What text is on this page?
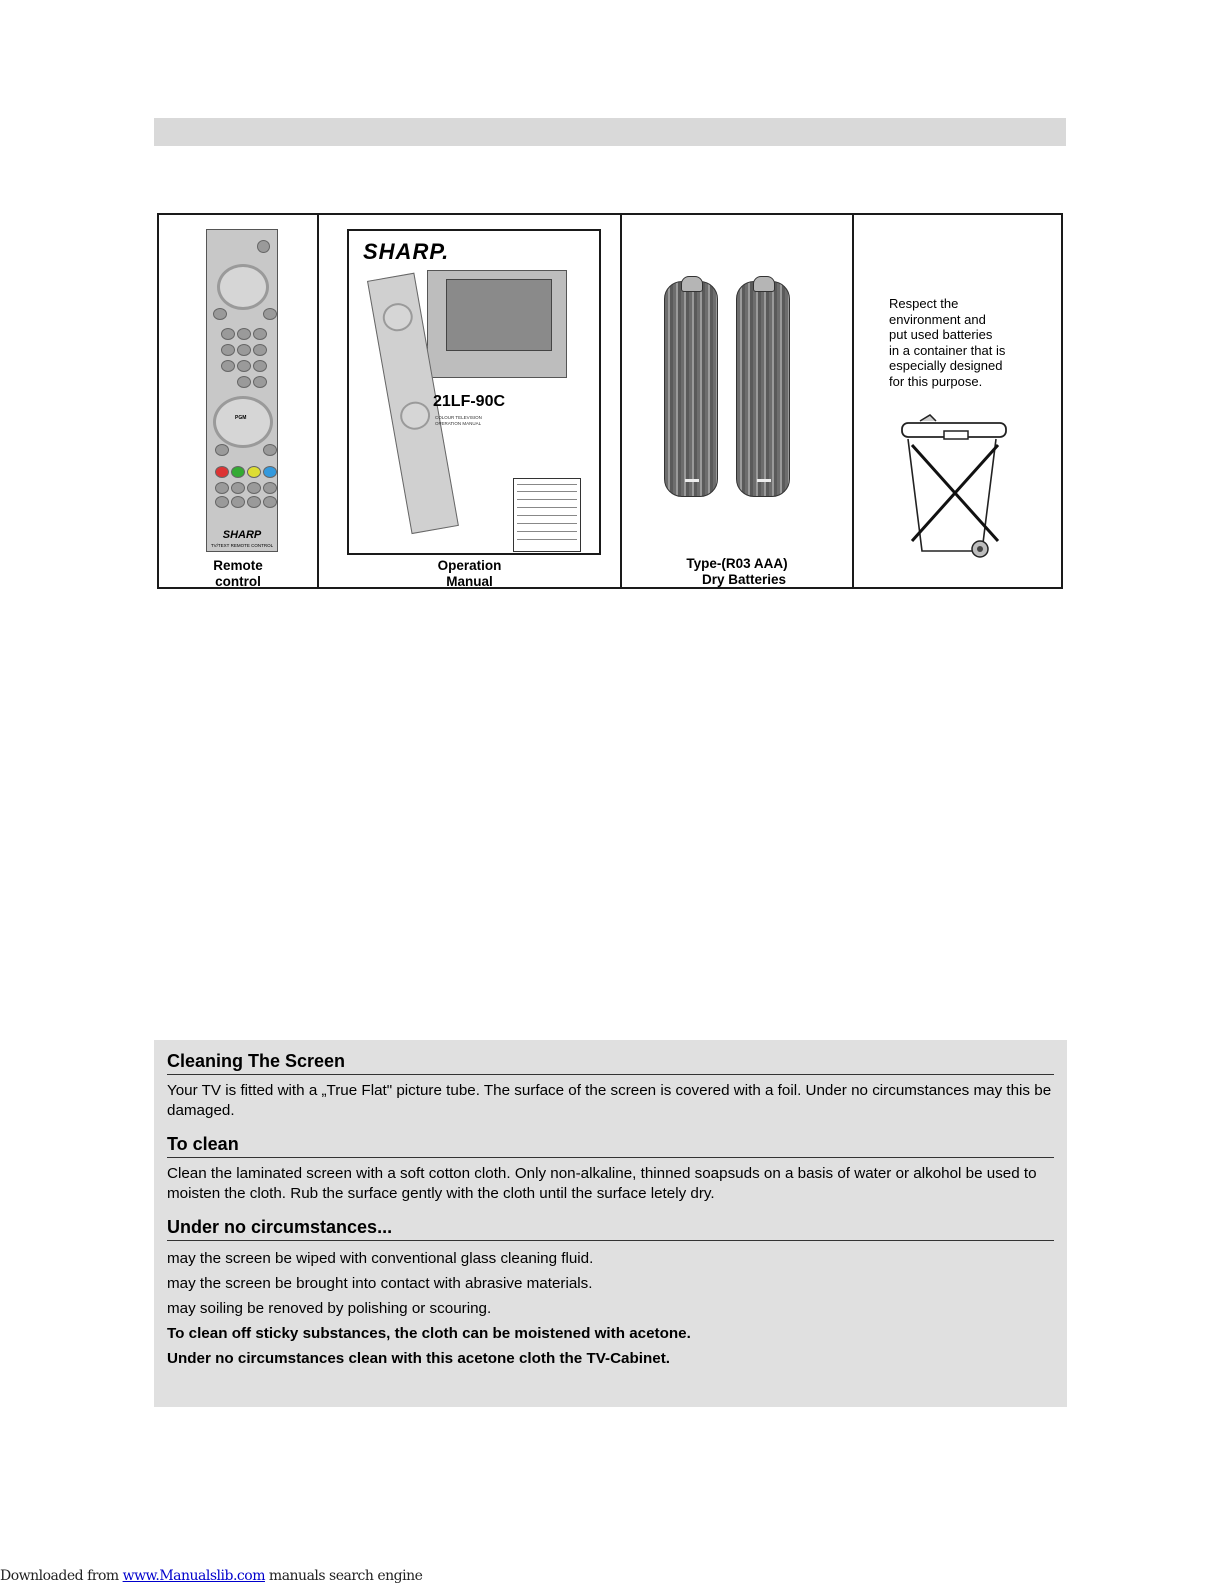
PGM
SHARP
TV/TEXT REMOTE CONTROL
Remote
control
SHARP.
21LF-90C
COLOUR TELEVISION
OPERATION MANUAL
Operation
Manual
Type-(R03 AAA)
Dry Batteries
Respect the
environment and
put used batteries
in a container that is
especially designed
for this purpose.
Cleaning The Screen

Your TV is fitted with a „True Flat" picture tube. The surface of the screen is covered with a foil. Under no circumstances may this be damaged.

To clean

Clean the laminated screen with a soft cotton cloth. Only non-alkaline, thinned soapsuds on a basis of water or alkohol be used to moisten the cloth. Rub the surface gently with the cloth until the surface letely dry.

Under no circumstances...

may the screen be wiped with conventional glass cleaning fluid.

may the screen be brought into contact with abrasive materials.

may soiling be renoved by polishing or scouring.

To clean off sticky substances, the cloth can be moistened with acetone.

Under no circumstances clean with this acetone cloth the TV-Cabinet.

Downloaded from www.Manualslib.com manuals search engine
